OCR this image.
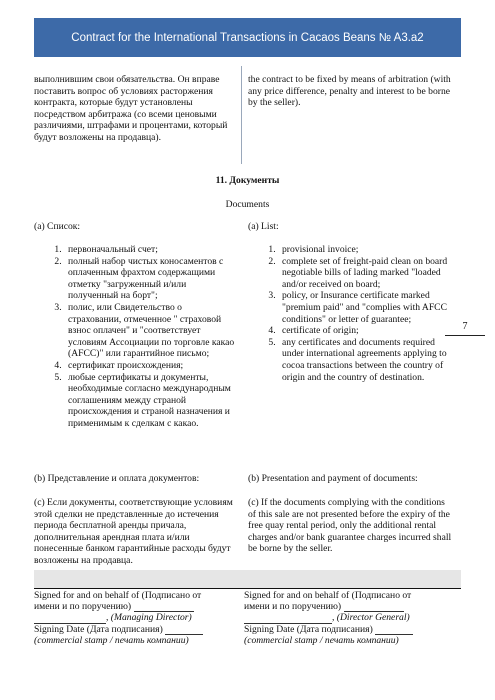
Contract for the International Transactions in Cacaos Beans № A3.a2
выполнившим свои обязательства. Он вправе поставить вопрос об условиях расторжения контракта, которые будут установлены посредством арбитража (со всеми ценовыми различиями, штрафами и процентами, который будут возложены на продавца).
the contract to be fixed by means of arbitration (with any price difference, penalty and interest to be borne by the seller).
11. Документы
Documents
(a) Список:	(a) List:
1. первоначальный счет;
2. полный набор чистых коносаментов с оплаченным фрахтом содержащими отметку "загруженный и/или полученный на борт";
3. полис, или Свидетельство о страховании, отмеченное " страховой взнос оплачен" и "соответствует условиям Ассоциации по торговле какао (AFCC)" или гарантийное письмо;
4. сертификат происхождения;
5. любые сертификаты и документы, необходимые согласно международным соглашениям между страной происхождения и страной назначения и применимым к сделкам с какао.
1. provisional invoice;
2. complete set of freight-paid clean on board negotiable bills of lading marked "loaded and/or received on board;
3. policy, or Insurance certificate marked "premium paid" and "complies with AFCC conditions" or letter of guarantee;
4. certificate of origin;
5. any certificates and documents required under international agreements applying to cocoa transactions between the country of origin and the country of destination.
7
(b) Представление и оплата документов:	(b) Presentation and payment of documents:
(c) Если документы, соответствующие условиям этой сделки не представленные до истечения периода бесплатной аренды причала, дополнительная арендная плата и/или понесенные банком гарантийные расходы будут возложены на продавца.
(c) If the documents complying with the conditions of this sale are not presented before the expiry of the free quay rental period, only the additional rental charges and/or bank guarantee charges incurred shall be borne by the seller.
Signed for and on behalf of (Подписано от
имени и по поручению)
, (Managing Director)
Signing Date (Дата подписания)
(commercial stamp / печать компании)
Signed for and on behalf of (Подписано от
имени и по поручению)
, (Director General)
Signing Date (Дата подписания)
(commercial stamp / печать компании)
